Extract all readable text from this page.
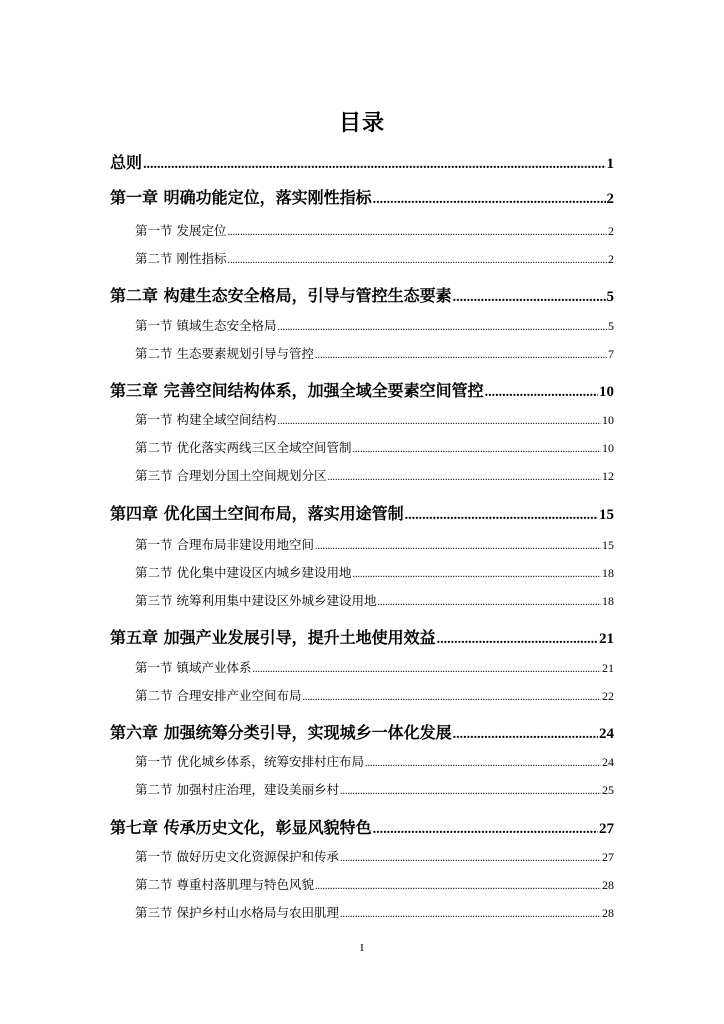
目录
总则 .....	1
第一章 明确功能定位，落实刚性指标 .....	2
第一节 发展定位 .....	2
第二节 刚性指标 .....	2
第二章 构建生态安全格局，引导与管控生态要素 .....	5
第一节 镇域生态安全格局 .....	5
第二节 生态要素规划引导与管控 .....	7
第三章 完善空间结构体系，加强全域全要素空间管控 .....	10
第一节 构建全域空间结构 .....	10
第二节 优化落实两线三区全域空间管制 .....	10
第三节 合理划分国土空间规划分区 .....	12
第四章 优化国土空间布局，落实用途管制 .....	15
第一节 合理布局非建设用地空间 .....	15
第二节 优化集中建设区内城乡建设用地 .....	18
第三节 统筹利用集中建设区外城乡建设用地 .....	18
第五章 加强产业发展引导，提升土地使用效益 .....	21
第一节 镇域产业体系 .....	21
第二节 合理安排产业空间布局 .....	22
第六章 加强统筹分类引导，实现城乡一体化发展 .....	24
第一节 优化城乡体系，统筹安排村庄布局 .....	24
第二节 加强村庄治理，建设美丽乡村 .....	25
第七章 传承历史文化，彰显风貌特色 .....	27
第一节 做好历史文化资源保护和传承 .....	27
第二节 尊重村落肌理与特色风貌 .....	28
第三节 保护乡村山水格局与农田肌理 .....	28
I
